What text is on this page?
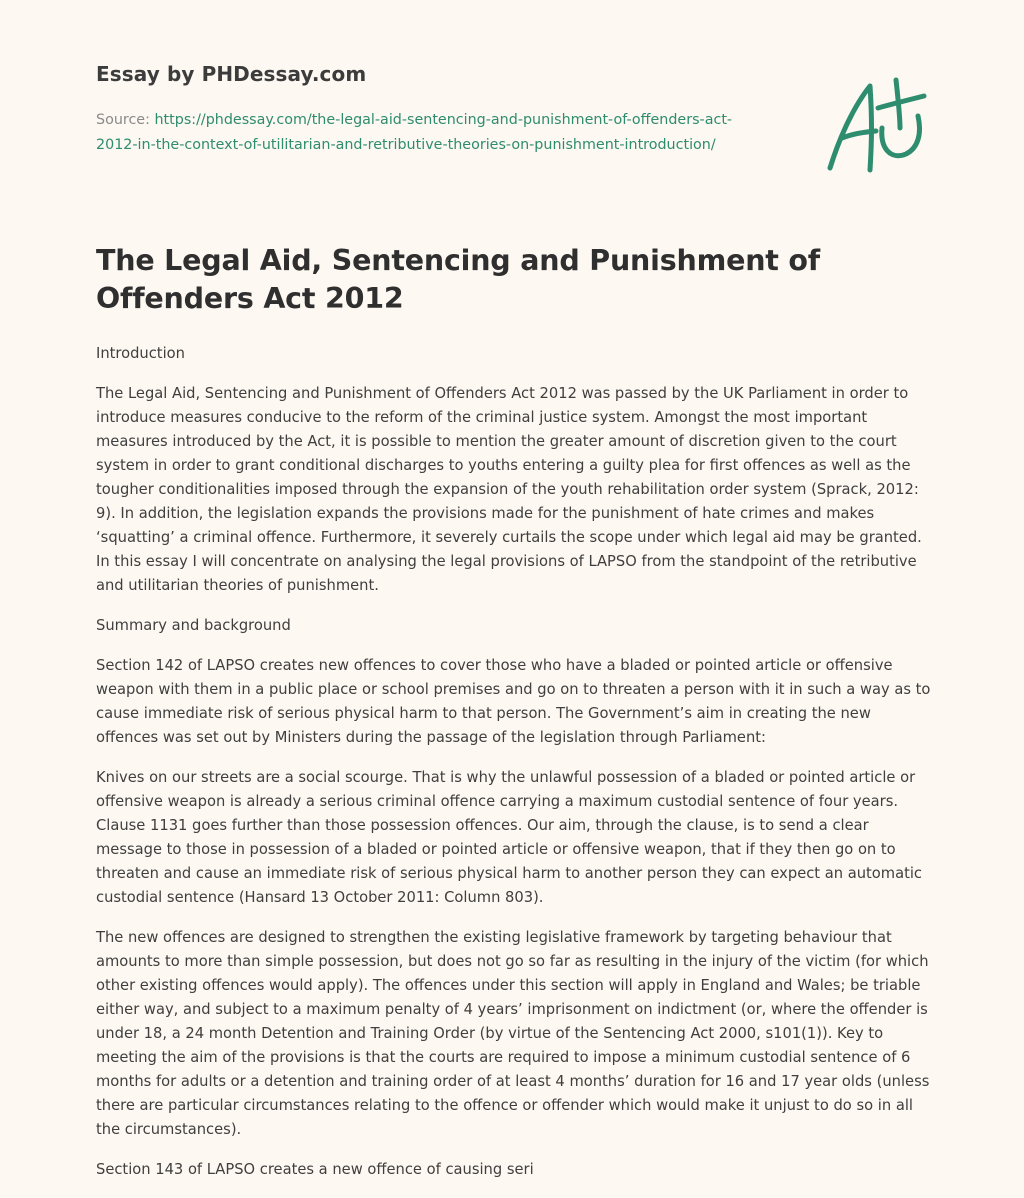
Essay by PHDessay.com
Source: https://phdessay.com/the-legal-aid-sentencing-and-punishment-of-offenders-act-2012-in-the-context-of-utilitarian-and-retributive-theories-on-punishment-introduction/
The Legal Aid, Sentencing and Punishment of Offenders Act 2012

Introduction

The Legal Aid, Sentencing and Punishment of Offenders Act 2012 was passed by the UK Parliament in order to introduce measures conducive to the reform of the criminal justice system. Amongst the most important measures introduced by the Act, it is possible to mention the greater amount of discretion given to the court system in order to grant conditional discharges to youths entering a guilty plea for first offences as well as the tougher conditionalities imposed through the expansion of the youth rehabilitation order system (Sprack, 2012: 9). In addition, the legislation expands the provisions made for the punishment of hate crimes and makes ‘squatting’ a criminal offence. Furthermore, it severely curtails the scope under which legal aid may be granted. In this essay I will concentrate on analysing the legal provisions of LAPSO from the standpoint of the retributive and utilitarian theories of punishment.

Summary and background

Section 142 of LAPSO creates new offences to cover those who have a bladed or pointed article or offensive weapon with them in a public place or school premises and go on to threaten a person with it in such a way as to cause immediate risk of serious physical harm to that person. The Government’s aim in creating the new offences was set out by Ministers during the passage of the legislation through Parliament:

Knives on our streets are a social scourge. That is why the unlawful possession of a bladed or pointed article or offensive weapon is already a serious criminal offence carrying a maximum custodial sentence of four years. Clause 1131 goes further than those possession offences. Our aim, through the clause, is to send a clear message to those in possession of a bladed or pointed article or offensive weapon, that if they then go on to threaten and cause an immediate risk of serious physical harm to another person they can expect an automatic custodial sentence (Hansard 13 October 2011: Column 803).

The new offences are designed to strengthen the existing legislative framework by targeting behaviour that amounts to more than simple possession, but does not go so far as resulting in the injury of the victim (for which other existing offences would apply). The offences under this section will apply in England and Wales; be triable either way, and subject to a maximum penalty of 4 years’ imprisonment on indictment (or, where the offender is under 18, a 24 month Detention and Training Order (by virtue of the Sentencing Act 2000, s101(1)). Key to meeting the aim of the provisions is that the courts are required to impose a minimum custodial sentence of 6 months for adults or a detention and training order of at least 4 months’ duration for 16 and 17 year olds (unless there are particular circumstances relating to the offence or offender which would make it unjust to do so in all the circumstances).

Section 143 of LAPSO creates a new offence of causing seri
